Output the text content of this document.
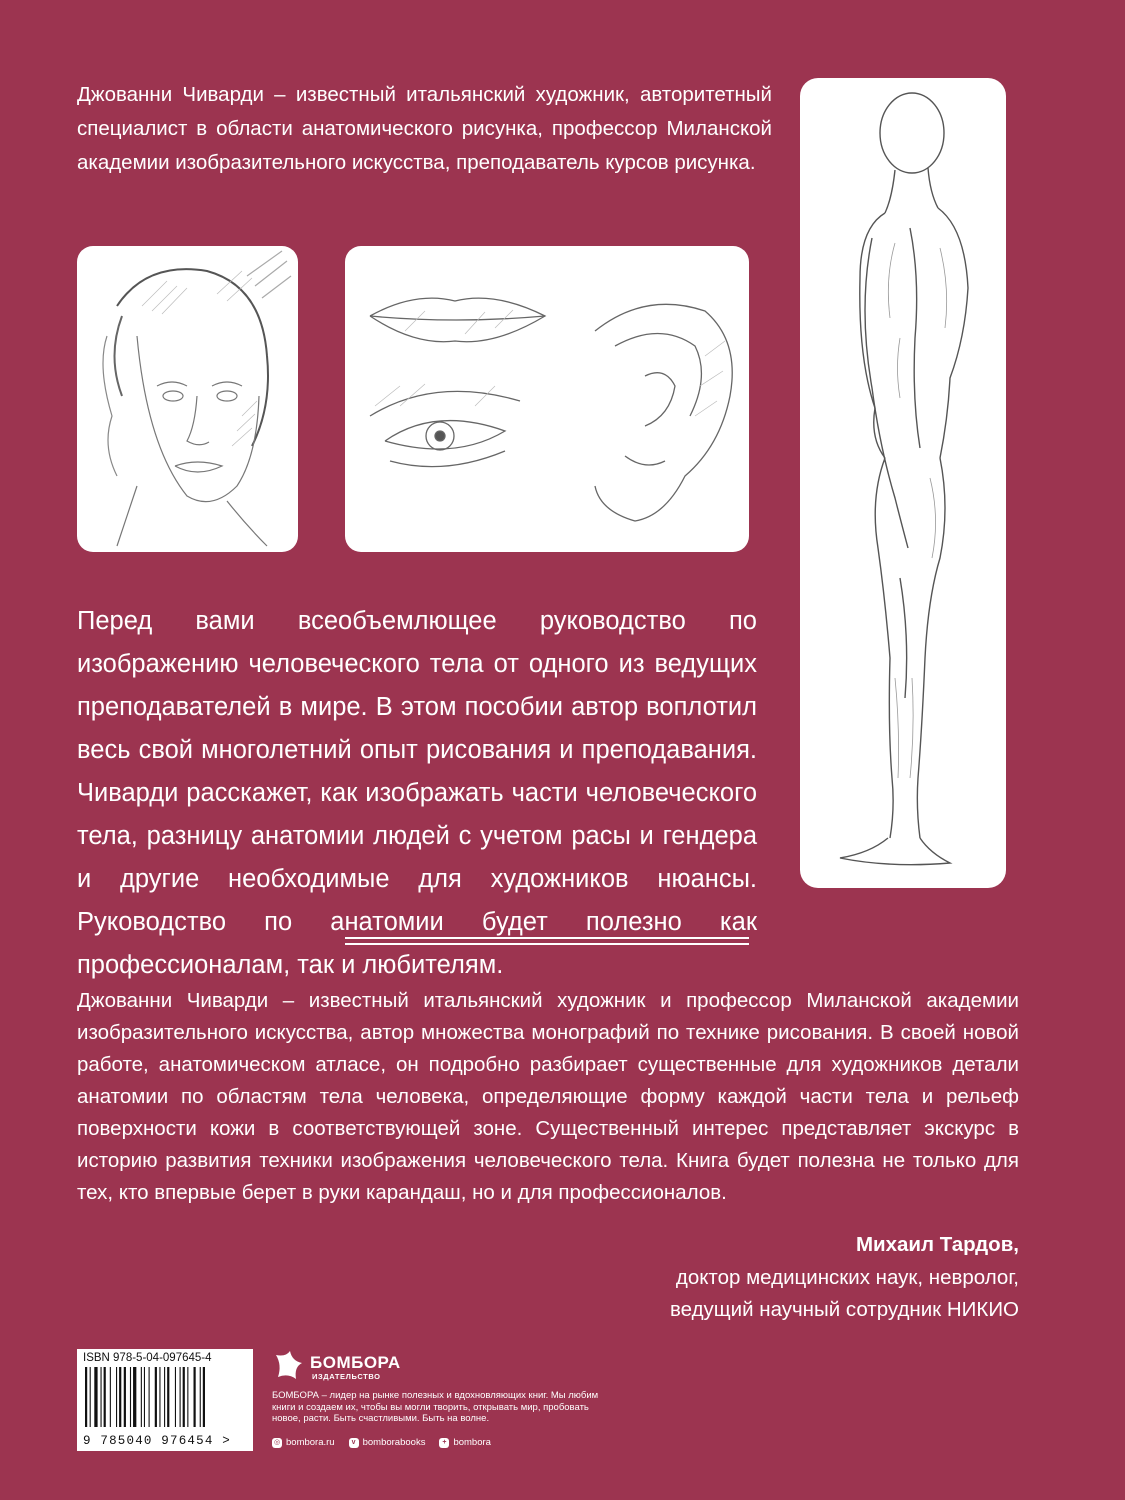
Джованни Чиварди – известный итальянский художник, авторитетный специалист в области анатомического рисунка, профессор Миланской академии изобразительного искусства, преподаватель курсов рисунка.
Перед вами всеобъемлющее руководство по изображению человеческого тела от одного из ведущих преподавателей в мире. В этом пособии автор воплотил весь свой многолетний опыт рисования и преподавания. Чиварди расскажет, как изображать части человеческого тела, разницу анатомии людей с учетом расы и гендера и другие необходимые для художников нюансы. Руководство по анатомии будет полезно как профессионалам, так и любителям.
Джованни Чиварди – известный итальянский художник и профессор Миланской академии изобразительного искусства, автор множества монографий по технике рисования. В своей новой работе, анатомическом атласе, он подробно разбирает существенные для художников детали анатомии по областям тела человека, определяющие форму каждой части тела и рельеф поверхности кожи в соответствующей зоне. Существенный интерес представляет экскурс в историю развития техники изображения человеческого тела. Книга будет полезна не только для тех, кто впервые берет в руки карандаш, но и для профессионалов.
Михаил Тардов,
доктор медицинских наук, невролог,
ведущий научный сотрудник НИКИО
ISBN 978-5-04-097645-4
9 785040 976454 >
БОМБОРА
ИЗДАТЕЛЬСТВО
БОМБОРА – лидер на рынке полезных и вдохновляющих книг. Мы любим книги и создаем их, чтобы вы могли творить, открывать мир, пробовать новое, расти. Быть счастливыми. Быть на волне.
◎ bombora.ru	v bomborabooks	+ bombora
